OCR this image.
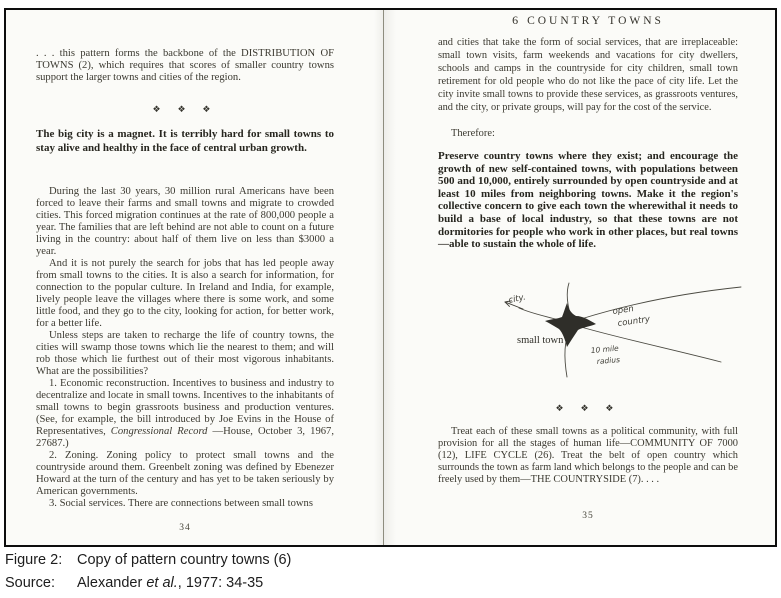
. . . this pattern forms the backbone of the DISTRIBUTION OF TOWNS (2), which requires that scores of smaller country towns support the larger towns and cities of the region.

❖ ❖ ❖

The big city is a magnet. It is terribly hard for small towns to stay alive and healthy in the face of central urban growth.

During the last 30 years, 30 million rural Americans have been forced to leave their farms and small towns and migrate to crowded cities. This forced migration continues at the rate of 800,000 people a year. The families that are left behind are not able to count on a future living in the country: about half of them live on less than $3000 a year.

And it is not purely the search for jobs that has led people away from small towns to the cities. It is also a search for information, for connection to the popular culture. In Ireland and India, for example, lively people leave the villages where there is some work, and some little food, and they go to the city, looking for action, for better work, for a better life.

Unless steps are taken to recharge the life of country towns, the cities will swamp those towns which lie the nearest to them; and will rob those which lie furthest out of their most vigorous inhabitants. What are the possibilities?

1. Economic reconstruction. Incentives to business and industry to decentralize and locate in small towns. Incentives to the inhabitants of small towns to begin grassroots business and production ventures. (See, for example, the bill introduced by Joe Evins in the House of Representatives, Congressional Record —House, October 3, 1967, 27687.)

2. Zoning. Zoning policy to protect small towns and the countryside around them. Greenbelt zoning was defined by Ebenezer Howard at the turn of the century and has yet to be taken seriously by American governments.

3. Social services. There are connections between small towns

34
6 COUNTRY TOWNS

and cities that take the form of social services, that are irreplaceable: small town visits, farm weekends and vacations for city dwellers, schools and camps in the countryside for city children, small town retirement for old people who do not like the pace of city life. Let the city invite small towns to provide these services, as grassroots ventures, and the city, or private groups, will pay for the cost of the service.

Therefore:

Preserve country towns where they exist; and encourage the growth of new self-contained towns, with populations between 500 and 10,000, entirely surrounded by open countryside and at least 10 miles from neighboring towns. Make it the region's collective concern to give each town the wherewithal it needs to build a base of local industry, so that these towns are not dormitories for people who work in other places, but real towns—able to sustain the whole of life.

city.
small town
open
country
10 mile
radius
❖ ❖ ❖

Treat each of these small towns as a political community, with full provision for all the stages of human life—COMMUNITY OF 7000 (12), LIFE CYCLE (26). Treat the belt of open country which surrounds the town as farm land which belongs to the people and can be freely used by them—THE COUNTRYSIDE (7). . . .

35
Figure 2:	Copy of pattern country towns (6)
Source:	Alexander et al., 1977: 34-35
